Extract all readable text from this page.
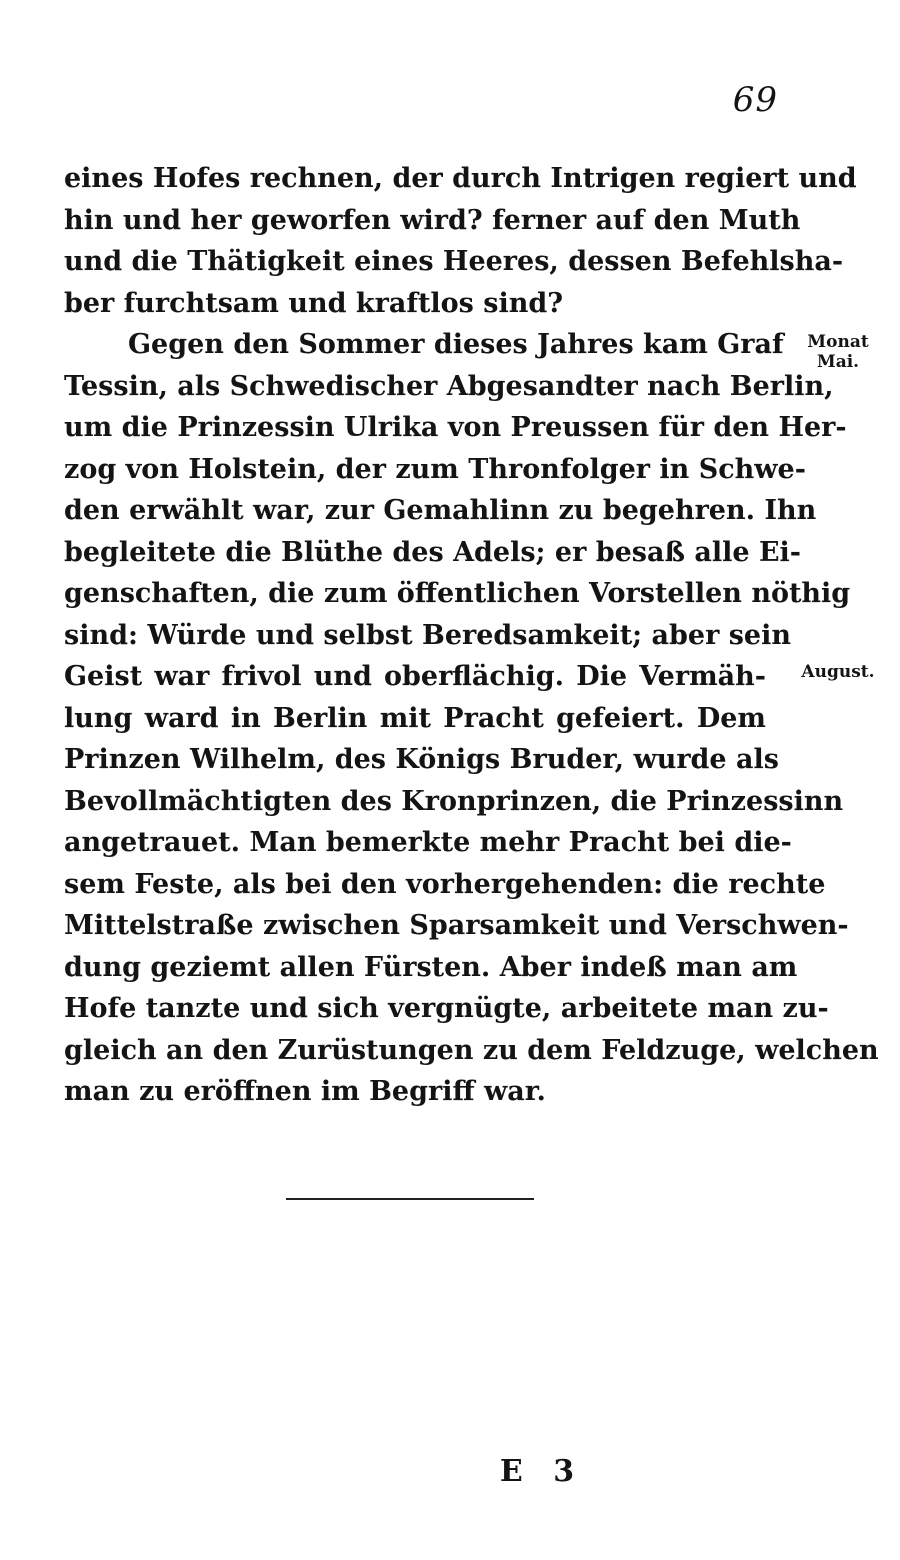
69
eines Hofes rechnen, der durch Intrigen regiert und
hin und her geworfen wird? ferner auf den Muth
und die Thätigkeit eines Heeres, dessen Befehlsha-
ber furchtsam und kraftlos sind?
Gegen den Sommer dieses Jahres kam Graf
Tessin, als Schwedischer Abgesandter nach Berlin,
um die Prinzessin Ulrika von Preussen für den Her-
zog von Holstein, der zum Thronfolger in Schwe-
den erwählt war, zur Gemahlinn zu begehren. Ihn
begleitete die Blüthe des Adels; er besaß alle Ei-
genschaften, die zum öffentlichen Vorstellen nöthig
sind: Würde und selbst Beredsamkeit; aber sein
Geist war frivol und oberflächig. Die Vermäh-
lung ward in Berlin mit Pracht gefeiert. Dem
Prinzen Wilhelm, des Königs Bruder, wurde als
Bevollmächtigten des Kronprinzen, die Prinzessinn
angetrauet. Man bemerkte mehr Pracht bei die-
sem Feste, als bei den vorhergehenden: die rechte
Mittelstraße zwischen Sparsamkeit und Verschwen-
dung geziemt allen Fürsten. Aber indeß man am
Hofe tanzte und sich vergnügte, arbeitete man zu-
gleich an den Zurüstungen zu dem Feldzuge, welchen
man zu eröffnen im Begriff war.
Monat
Mai.
August.
E 3
